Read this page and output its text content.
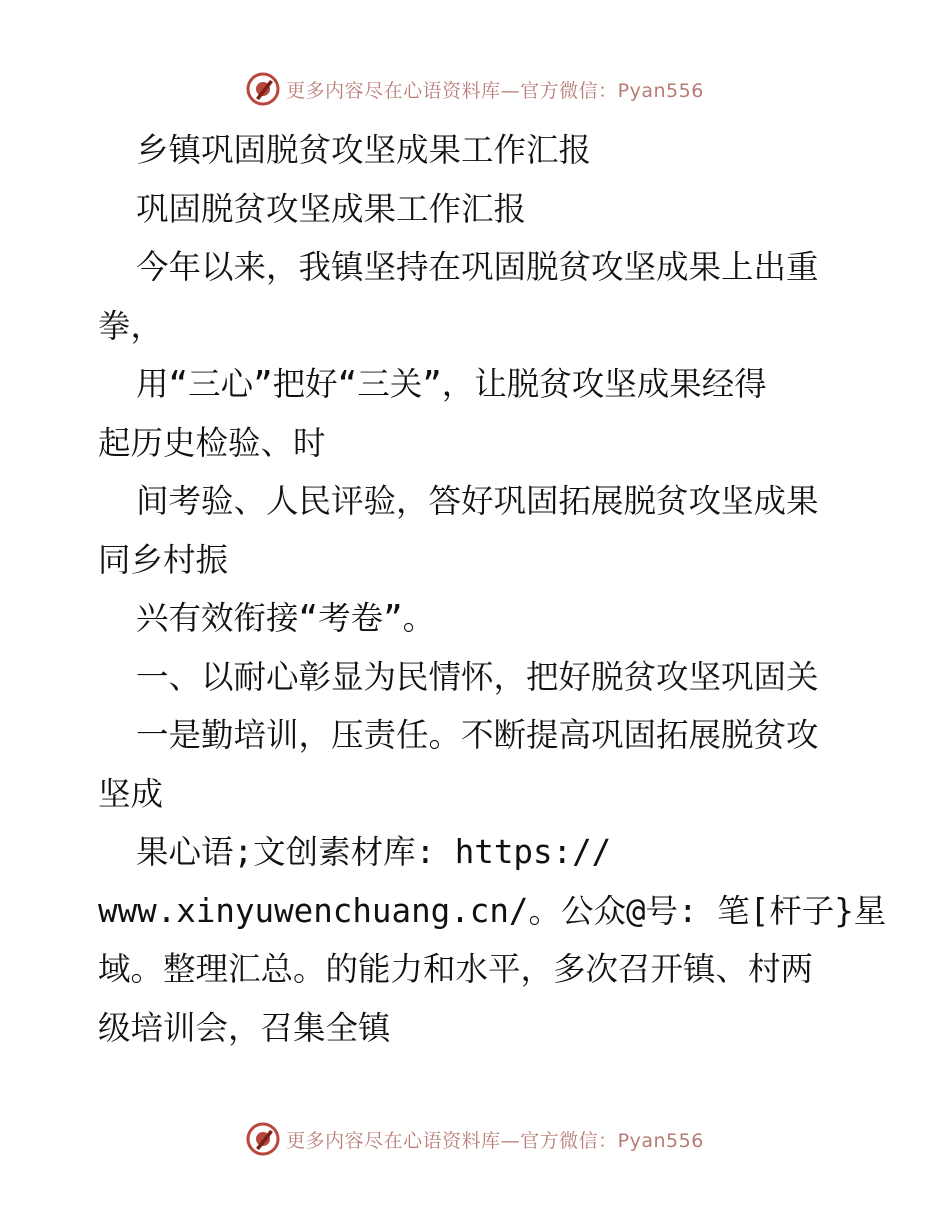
更多内容尽在心语资料库—官方微信：Pyan556
乡镇巩固脱贫攻坚成果工作汇报
巩固脱贫攻坚成果工作汇报
今年以来，我镇坚持在巩固脱贫攻坚成果上出重
拳，
用“三心”把好“三关”，让脱贫攻坚成果经得
起历史检验、时
间考验、人民评验，答好巩固拓展脱贫攻坚成果
同乡村振
兴有效衔接“考卷”。
一、以耐心彰显为民情怀，把好脱贫攻坚巩固关
一是勤培训，压责任。不断提高巩固拓展脱贫攻
坚成
果心语;文创素材库: https://
www.xinyuwenchuang.cn/。公众@号: 笔[杆子}星
域。整理汇总。的能力和水平，多次召开镇、村两
级培训会，召集全镇
更多内容尽在心语资料库—官方微信：Pyan556
